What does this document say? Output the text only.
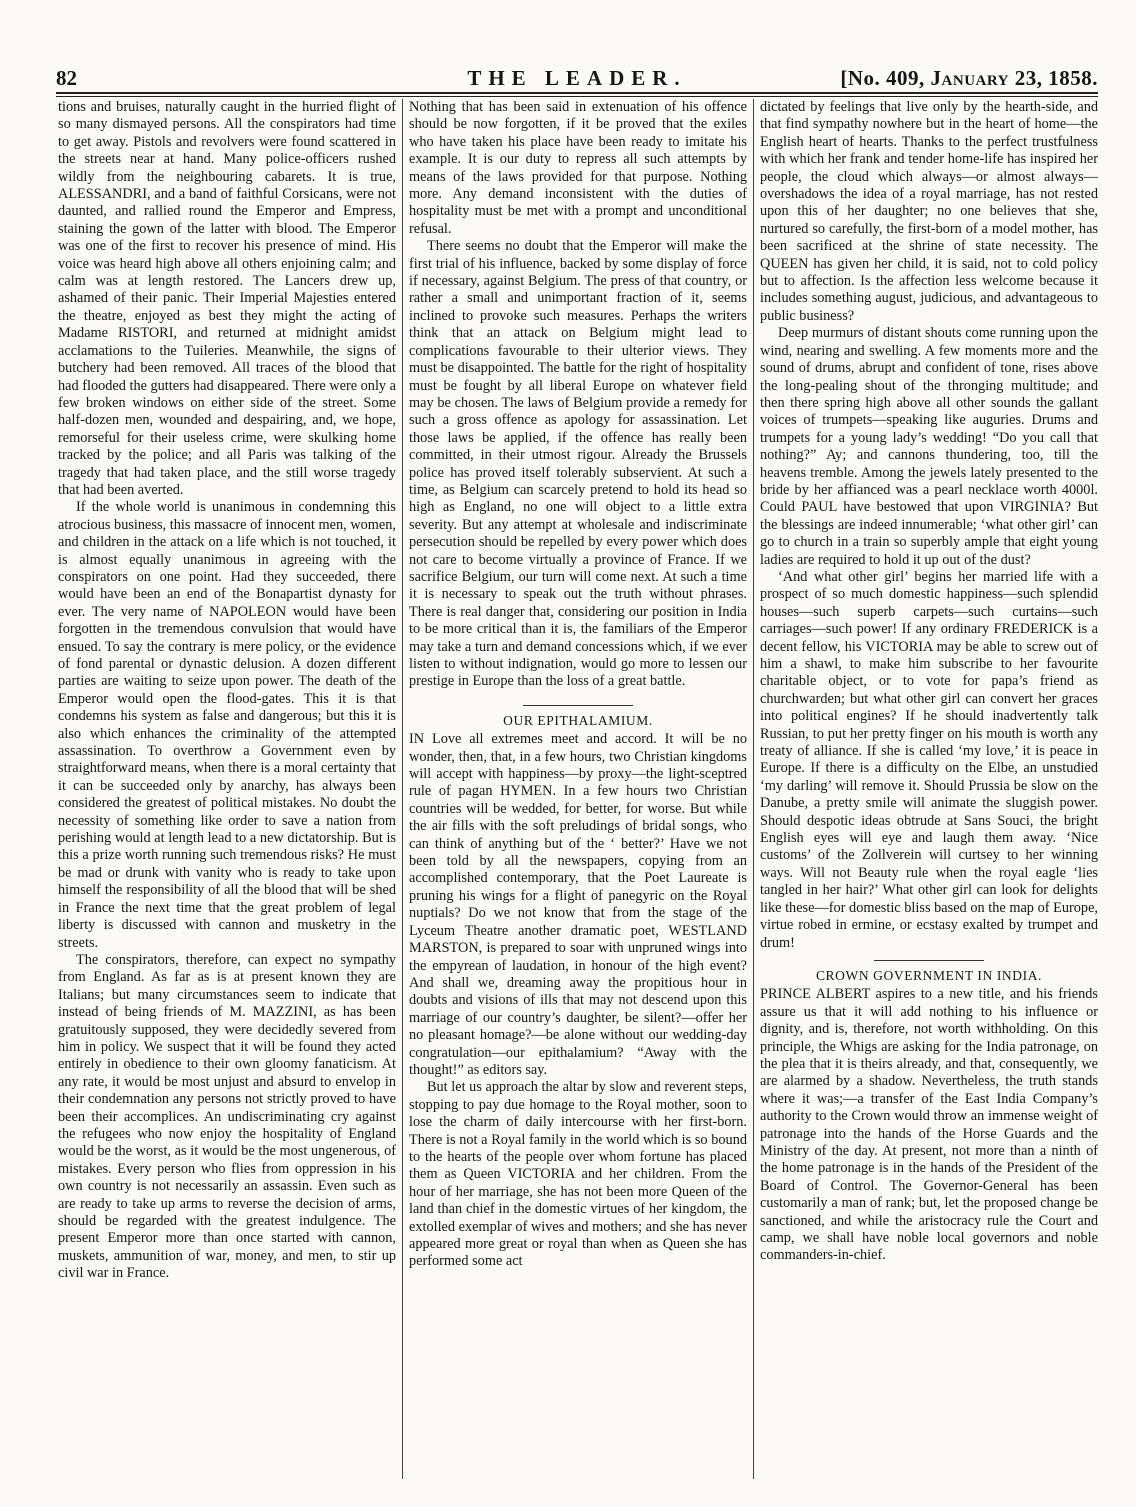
82	THE LEADER.	[No. 409, January 23, 1858.

tions and bruises, naturally caught in the hurried flight of so many dismayed persons. All the conspirators had time to get away. Pistols and revolvers were found scattered in the streets near at hand. Many police-officers rushed wildly from the neighbouring cabarets. It is true, ALESSANDRI, and a band of faithful Corsicans, were not daunted, and rallied round the Emperor and Empress, staining the gown of the latter with blood. The Emperor was one of the first to recover his presence of mind. His voice was heard high above all others enjoining calm; and calm was at length restored. The Lancers drew up, ashamed of their panic. Their Imperial Majesties entered the theatre, enjoyed as best they might the acting of Madame RISTORI, and returned at midnight amidst acclamations to the Tuileries. Meanwhile, the signs of butchery had been removed. All traces of the blood that had flooded the gutters had disappeared. There were only a few broken windows on either side of the street. Some half-dozen men, wounded and despairing, and, we hope, remorseful for their useless crime, were skulking home tracked by the police; and all Paris was talking of the tragedy that had taken place, and the still worse tragedy that had been averted.

If the whole world is unanimous in condemning this atrocious business, this massacre of innocent men, women, and children in the attack on a life which is not touched, it is almost equally unanimous in agreeing with the conspirators on one point. Had they succeeded, there would have been an end of the Bonapartist dynasty for ever. The very name of NAPOLEON would have been forgotten in the tremendous convulsion that would have ensued. To say the contrary is mere policy, or the evidence of fond parental or dynastic delusion. A dozen different parties are waiting to seize upon power. The death of the Emperor would open the flood-gates. This it is that condemns his system as false and dangerous; but this it is also which enhances the criminality of the attempted assassination. To overthrow a Government even by straightforward means, when there is a moral certainty that it can be succeeded only by anarchy, has always been considered the greatest of political mistakes. No doubt the necessity of something like order to save a nation from perishing would at length lead to a new dictatorship. But is this a prize worth running such tremendous risks? He must be mad or drunk with vanity who is ready to take upon himself the responsibility of all the blood that will be shed in France the next time that the great problem of legal liberty is discussed with cannon and musketry in the streets.

The conspirators, therefore, can expect no sympathy from England. As far as is at present known they are Italians; but many circumstances seem to indicate that instead of being friends of M. MAZZINI, as has been gratuitously supposed, they were decidedly severed from him in policy. We suspect that it will be found they acted entirely in obedience to their own gloomy fanaticism. At any rate, it would be most unjust and absurd to envelop in their condemnation any persons not strictly proved to have been their accomplices. An undiscriminating cry against the refugees who now enjoy the hospitality of England would be the worst, as it would be the most ungenerous, of mistakes. Every person who flies from oppression in his own country is not necessarily an assassin. Even such as are ready to take up arms to reverse the decision of arms, should be regarded with the greatest indulgence. The present Emperor more than once started with cannon, muskets, ammunition of war, money, and men, to stir up civil war in France.

Nothing that has been said in extenuation of his offence should be now forgotten, if it be proved that the exiles who have taken his place have been ready to imitate his example. It is our duty to repress all such attempts by means of the laws provided for that purpose. Nothing more. Any demand inconsistent with the duties of hospitality must be met with a prompt and unconditional refusal.

There seems no doubt that the Emperor will make the first trial of his influence, backed by some display of force if necessary, against Belgium. The press of that country, or rather a small and unimportant fraction of it, seems inclined to provoke such measures. Perhaps the writers think that an attack on Belgium might lead to complications favourable to their ulterior views. They must be disappointed. The battle for the right of hospitality must be fought by all liberal Europe on whatever field may be chosen. The laws of Belgium provide a remedy for such a gross offence as apology for assassination. Let those laws be applied, if the offence has really been committed, in their utmost rigour. Already the Brussels police has proved itself tolerably subservient. At such a time, as Belgium can scarcely pretend to hold its head so high as England, no one will object to a little extra severity. But any attempt at wholesale and indiscriminate persecution should be repelled by every power which does not care to become virtually a province of France. If we sacrifice Belgium, our turn will come next. At such a time it is necessary to speak out the truth without phrases. There is real danger that, considering our position in India to be more critical than it is, the familiars of the Emperor may take a turn and demand concessions which, if we ever listen to without indignation, would go more to lessen our prestige in Europe than the loss of a great battle.

OUR EPITHALAMIUM.

IN Love all extremes meet and accord. It will be no wonder, then, that, in a few hours, two Christian kingdoms will accept with happiness—by proxy—the light-sceptred rule of pagan HYMEN. In a few hours two Christian countries will be wedded, for better, for worse. But while the air fills with the soft preludings of bridal songs, who can think of anything but of the ‘ better?’ Have we not been told by all the newspapers, copying from an accomplished contemporary, that the Poet Laureate is pruning his wings for a flight of panegyric on the Royal nuptials? Do we not know that from the stage of the Lyceum Theatre another dramatic poet, WESTLAND MARSTON, is prepared to soar with unpruned wings into the empyrean of laudation, in honour of the high event? And shall we, dreaming away the propitious hour in doubts and visions of ills that may not descend upon this marriage of our country’s daughter, be silent?—offer her no pleasant homage?—be alone without our wedding-day congratulation—our epithalamium? “Away with the thought!” as editors say.

But let us approach the altar by slow and reverent steps, stopping to pay due homage to the Royal mother, soon to lose the charm of daily intercourse with her first-born. There is not a Royal family in the world which is so bound to the hearts of the people over whom fortune has placed them as Queen VICTORIA and her children. From the hour of her marriage, she has not been more Queen of the land than chief in the domestic virtues of her kingdom, the extolled exemplar of wives and mothers; and she has never appeared more great or royal than when as Queen she has performed some act

dictated by feelings that live only by the hearth-side, and that find sympathy nowhere but in the heart of home—the English heart of hearts. Thanks to the perfect trustfulness with which her frank and tender home-life has inspired her people, the cloud which always—or almost always—overshadows the idea of a royal marriage, has not rested upon this of her daughter; no one believes that she, nurtured so carefully, the first-born of a model mother, has been sacrificed at the shrine of state necessity. The QUEEN has given her child, it is said, not to cold policy but to affection. Is the affection less welcome because it includes something august, judicious, and advantageous to public business?

Deep murmurs of distant shouts come running upon the wind, nearing and swelling. A few moments more and the sound of drums, abrupt and confident of tone, rises above the long-pealing shout of the thronging multitude; and then there spring high above all other sounds the gallant voices of trumpets—speaking like auguries. Drums and trumpets for a young lady’s wedding! “Do you call that nothing?” Ay; and cannons thundering, too, till the heavens tremble. Among the jewels lately presented to the bride by her affianced was a pearl necklace worth 4000l. Could PAUL have bestowed that upon VIRGINIA? But the blessings are indeed innumerable; ‘what other girl’ can go to church in a train so superbly ample that eight young ladies are required to hold it up out of the dust?

‘And what other girl’ begins her married life with a prospect of so much domestic happiness—such splendid houses—such superb carpets—such curtains—such carriages—such power! If any ordinary FREDERICK is a decent fellow, his VICTORIA may be able to screw out of him a shawl, to make him subscribe to her favourite charitable object, or to vote for papa’s friend as churchwarden; but what other girl can convert her graces into political engines? If he should inadvertently talk Russian, to put her pretty finger on his mouth is worth any treaty of alliance. If she is called ‘my love,’ it is peace in Europe. If there is a difficulty on the Elbe, an unstudied ‘my darling’ will remove it. Should Prussia be slow on the Danube, a pretty smile will animate the sluggish power. Should despotic ideas obtrude at Sans Souci, the bright English eyes will eye and laugh them away. ‘Nice customs’ of the Zollverein will curtsey to her winning ways. Will not Beauty rule when the royal eagle ‘lies tangled in her hair?’ What other girl can look for delights like these—for domestic bliss based on the map of Europe, virtue robed in ermine, or ecstasy exalted by trumpet and drum!

CROWN GOVERNMENT IN INDIA.

PRINCE ALBERT aspires to a new title, and his friends assure us that it will add nothing to his influence or dignity, and is, therefore, not worth withholding. On this principle, the Whigs are asking for the India patronage, on the plea that it is theirs already, and that, consequently, we are alarmed by a shadow. Nevertheless, the truth stands where it was;—a transfer of the East India Company’s authority to the Crown would throw an immense weight of patronage into the hands of the Horse Guards and the Ministry of the day. At present, not more than a ninth of the home patronage is in the hands of the President of the Board of Control. The Governor-General has been customarily a man of rank; but, let the proposed change be sanctioned, and while the aristocracy rule the Court and camp, we shall have noble local governors and noble commanders-in-chief.
